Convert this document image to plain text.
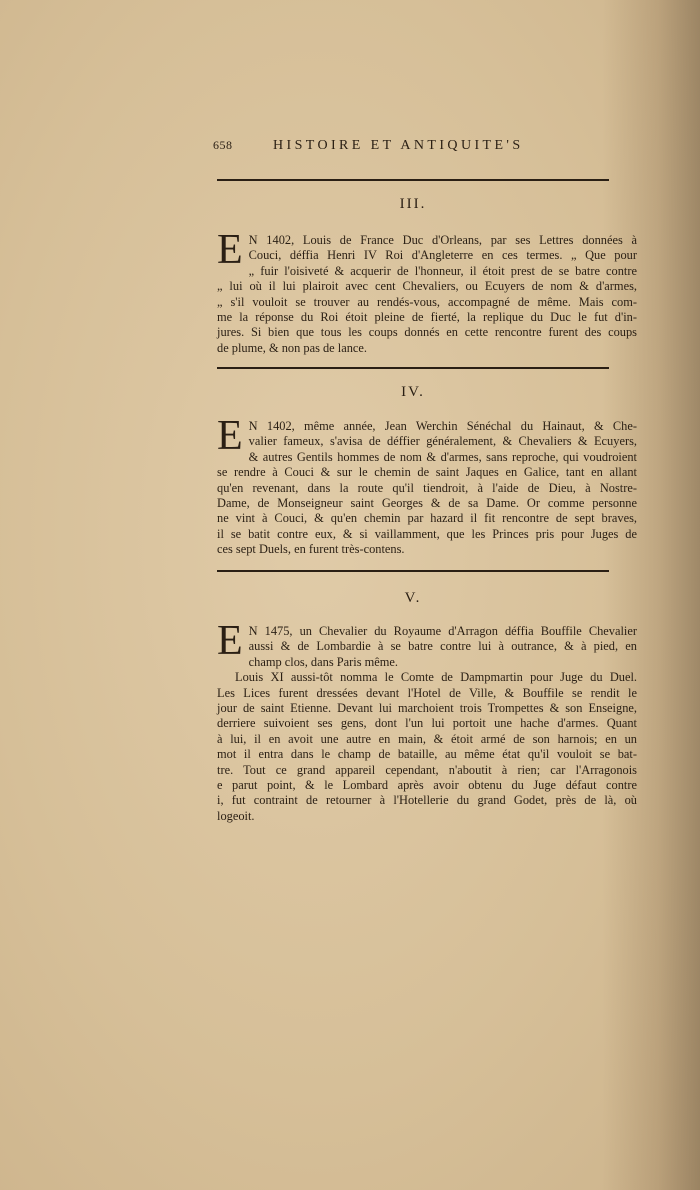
658	HISTOIRE ET ANTIQUITE'S
III.
E N 1402, Louis de France Duc d'Orleans, par ses Lettres données à
Couci, déffia Henri IV Roi d'Angleterre en ces termes. „ Que pour
„ fuir l'oisiveté & acquerir de l'honneur, il étoit prest de se batre contre
„ lui où il lui plairoit avec cent Chevaliers, ou Ecuyers de nom & d'armes,
„ s'il vouloit se trouver au rendés-vous, accompagné de même. Mais com-
me la réponse du Roi étoit pleine de fierté, la replique du Duc le fut d'in-
jures. Si bien que tous les coups donnés en cette rencontre furent des coups
de plume, & non pas de lance.
IV.
E N 1402, même année, Jean Werchin Sénéchal du Hainaut, & Che-
valier fameux, s'avisa de déffier généralement, & Chevaliers & Ecuyers,
& autres Gentils hommes de nom & d'armes, sans reproche, qui voudroient
se rendre à Couci & sur le chemin de saint Jaques en Galice, tant en allant
qu'en revenant, dans la route qu'il tiendroit, à l'aide de Dieu, à Nostre-
Dame, de Monseigneur saint Georges & de sa Dame. Or comme personne
ne vint à Couci, & qu'en chemin par hazard il fit rencontre de sept braves,
il se batit contre eux, & si vaillamment, que les Princes pris pour Juges de
ces sept Duels, en furent très-contens.
V.
E N 1475, un Chevalier du Royaume d'Arragon déffia Bouffile Chevalier
aussi & de Lombardie à se batre contre lui à outrance, & à pied, en
champ clos, dans Paris même.
Louis XI aussi-tôt nomma le Comte de Dampmartin pour Juge du Duel.
Les Lices furent dressées devant l'Hotel de Ville, & Bouffile se rendit le
jour de saint Etienne. Devant lui marchoient trois Trompettes & son Enseigne,
derriere suivoient ses gens, dont l'un lui portoit une hache d'armes. Quant
à lui, il en avoit une autre en main, & étoit armé de son harnois; en un
mot il entra dans le champ de bataille, au même état qu'il vouloit se bat-
tre. Tout ce grand appareil cependant, n'aboutit à rien; car l'Arragonois
e parut point, & le Lombard après avoir obtenu du Juge défaut contre
i, fut contraint de retourner à l'Hotellerie du grand Godet, près de là, où
logeoit.
